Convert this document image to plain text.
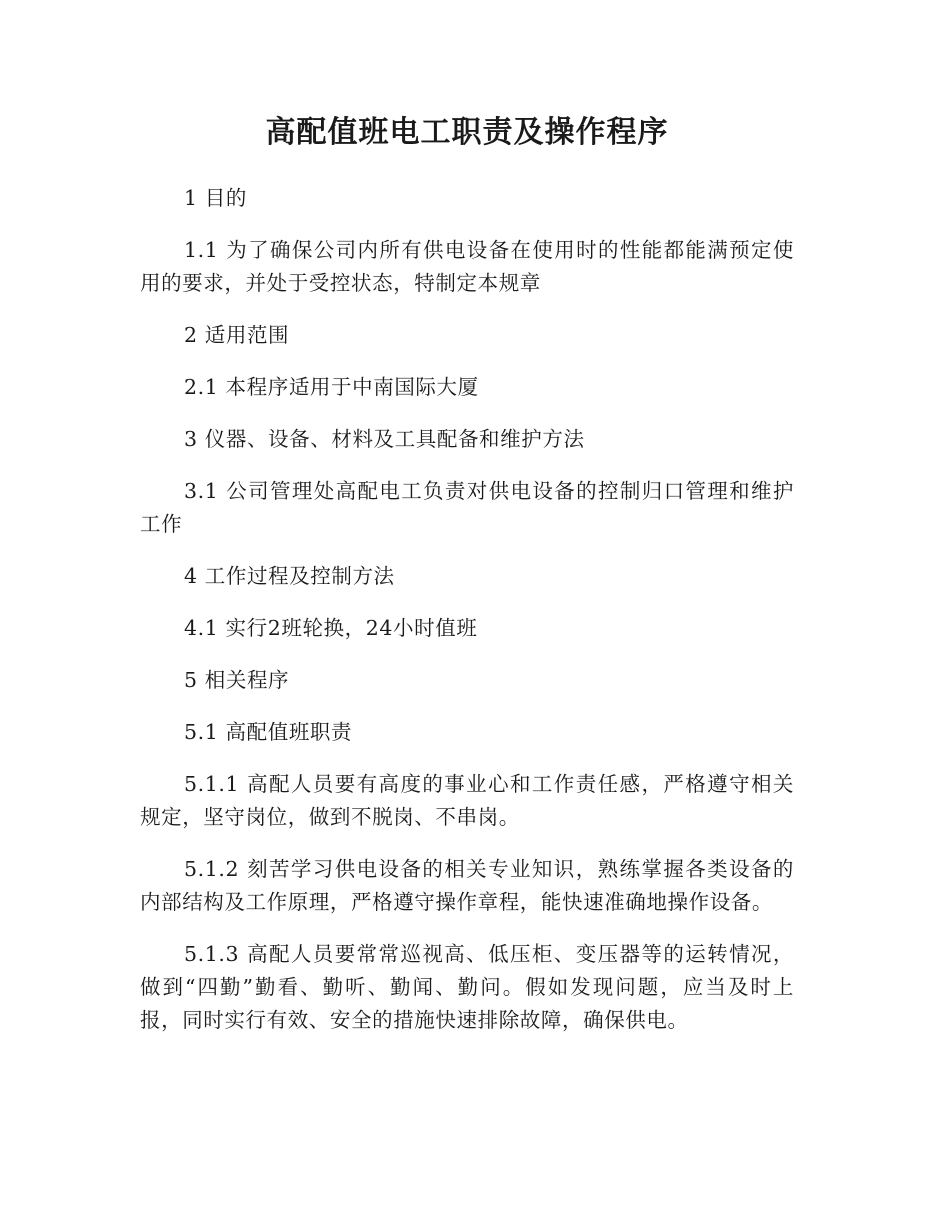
高配值班电工职责及操作程序

1 目的

1.1 为了确保公司内所有供电设备在使用时的性能都能满预定使用的要求，并处于受控状态，特制定本规章

2 适用范围

2.1 本程序适用于中南国际大厦

3 仪器、设备、材料及工具配备和维护方法

3.1 公司管理处高配电工负责对供电设备的控制归口管理和维护工作

4 工作过程及控制方法

4.1 实行2班轮换，24小时值班

5 相关程序

5.1 高配值班职责

5.1.1 高配人员要有高度的事业心和工作责任感，严格遵守相关规定，坚守岗位，做到不脱岗、不串岗。

5.1.2 刻苦学习供电设备的相关专业知识，熟练掌握各类设备的内部结构及工作原理，严格遵守操作章程，能快速准确地操作设备。

5.1.3 高配人员要常常巡视高、低压柜、变压器等的运转情况，做到“四勤”勤看、勤听、勤闻、勤问。假如发现问题，应当及时上报，同时实行有效、安全的措施快速排除故障，确保供电。
